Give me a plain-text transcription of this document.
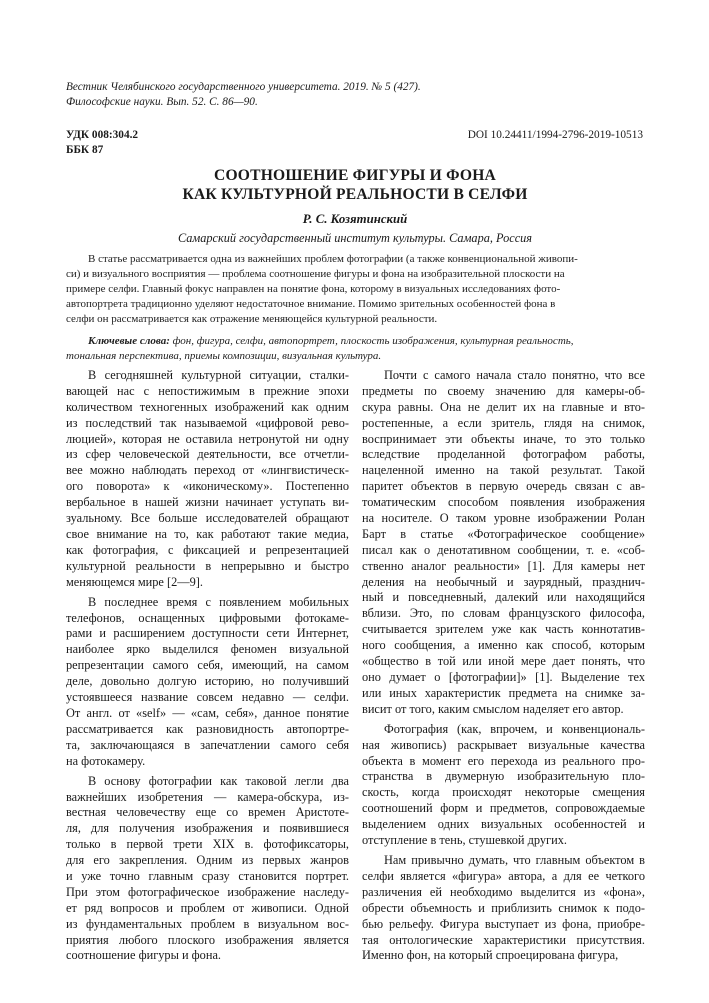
Вестник Челябинского государственного университета. 2019. № 5 (427).
Философские науки. Вып. 52. С. 86—90.
УДК 008:304.2
ББК 87
DOI 10.24411/1994-2796-2019-10513
СООТНОШЕНИЕ ФИГУРЫ И ФОНА
КАК КУЛЬТУРНОЙ РЕАЛЬНОСТИ В СЕЛФИ
Р. С. Козятинский
Самарский государственный институт культуры. Самара, Россия
В статье рассматривается одна из важнейших проблем фотографии (а также конвенциональной живопи-
си) и визуального восприятия — проблема соотношение фигуры и фона на изобразительной плоскости на
примере селфи. Главный фокус направлен на понятие фона, которому в визуальных исследованиях фото-
автопортрета традиционно уделяют недостаточное внимание. Помимо зрительных особенностей фона в
селфи он рассматривается как отражение меняющейся культурной реальности.
Ключевые слова: фон, фигура, селфи, автопортрет, плоскость изображения, культурная реальность,
тональная перспектива, приемы композиции, визуальная культура.
В сегодняшней культурной ситуации, сталки-
вающей нас с непостижимым в прежние эпохи
количеством техногенных изображений как одним
из последствий так называемой «цифровой рево-
люцией», которая не оставила нетронутой ни одну
из сфер человеческой деятельности, все отчетли-
вее можно наблюдать переход от «лингвистическ-
ого поворота» к «иконическому». Постепенно
вербальное в нашей жизни начинает уступать ви-
зуальному. Все больше исследователей обращают
свое внимание на то, как работают такие медиа,
как фотография, с фиксацией и репрезентацией
культурной реальности в непрерывно и быстро
меняющемся мире [2—9].
В последнее время с появлением мобильных
телефонов, оснащенных цифровыми фотокаме-
рами и расширением доступности сети Интернет,
наиболее ярко выделился феномен визуальной
репрезентации самого себя, имеющий, на самом
деле, довольно долгую историю, но получивший
устоявшееся название совсем недавно — селфи.
От англ. от «self» — «сам, себя», данное понятие
рассматривается как разновидность автопортре-
та, заключающаяся в запечатлении самого себя
на фотокамеру.
В основу фотографии как таковой легли два
важнейших изобретения — камера-обскура, из-
вестная человечеству еще со времен Аристоте-
ля, для получения изображения и появившиеся
только в первой трети XIX в. фотофиксаторы,
для его закрепления. Одним из первых жанров
и уже точно главным сразу становится портрет.
При этом фотографическое изображение наследу-
ет ряд вопросов и проблем от живописи. Одной
из фундаментальных проблем в визуальном вос-
приятия любого плоского изображения является
соотношение фигуры и фона.
Почти с самого начала стало понятно, что все
предметы по своему значению для камеры-об-
скура равны. Она не делит их на главные и вто-
ростепенные, а если зритель, глядя на снимок,
воспринимает эти объекты иначе, то это только
вследствие проделанной фотографом работы,
нацеленной именно на такой результат. Такой
паритет объектов в первую очередь связан с ав-
томатическим способом появления изображения
на носителе. О таком уровне изображении Ролан
Барт в статье «Фотографическое сообщение»
писал как о денотативном сообщении, т. е. «соб-
ственно аналог реальности» [1]. Для камеры нет
деления на необычный и заурядный, празднич-
ный и повседневный, далекий или находящийся
вблизи. Это, по словам французского философа,
считывается зрителем уже как часть коннотатив-
ного сообщения, а именно как способ, которым
«общество в той или иной мере дает понять, что
оно думает о [фотографии]» [1]. Выделение тех
или иных характеристик предмета на снимке за-
висит от того, каким смыслом наделяет его автор.
Фотография (как, впрочем, и конвенциональ-
ная живопись) раскрывает визуальные качества
объекта в момент его перехода из реального про-
странства в двумерную изобразительную пло-
скость, когда происходят некоторые смещения
соотношений форм и предметов, сопровождаемые
выделением одних визуальных особенностей и
отступление в тень, стушевкой других.
Нам привычно думать, что главным объектом в
селфи является «фигура» автора, а для ее четкого
различения ей необходимо выделится из «фона»,
обрести объемность и приблизить снимок к подо-
бью рельефу. Фигура выступает из фона, приобре-
тая онтологические характеристики присутствия.
Именно фон, на который спроецирована фигура,
